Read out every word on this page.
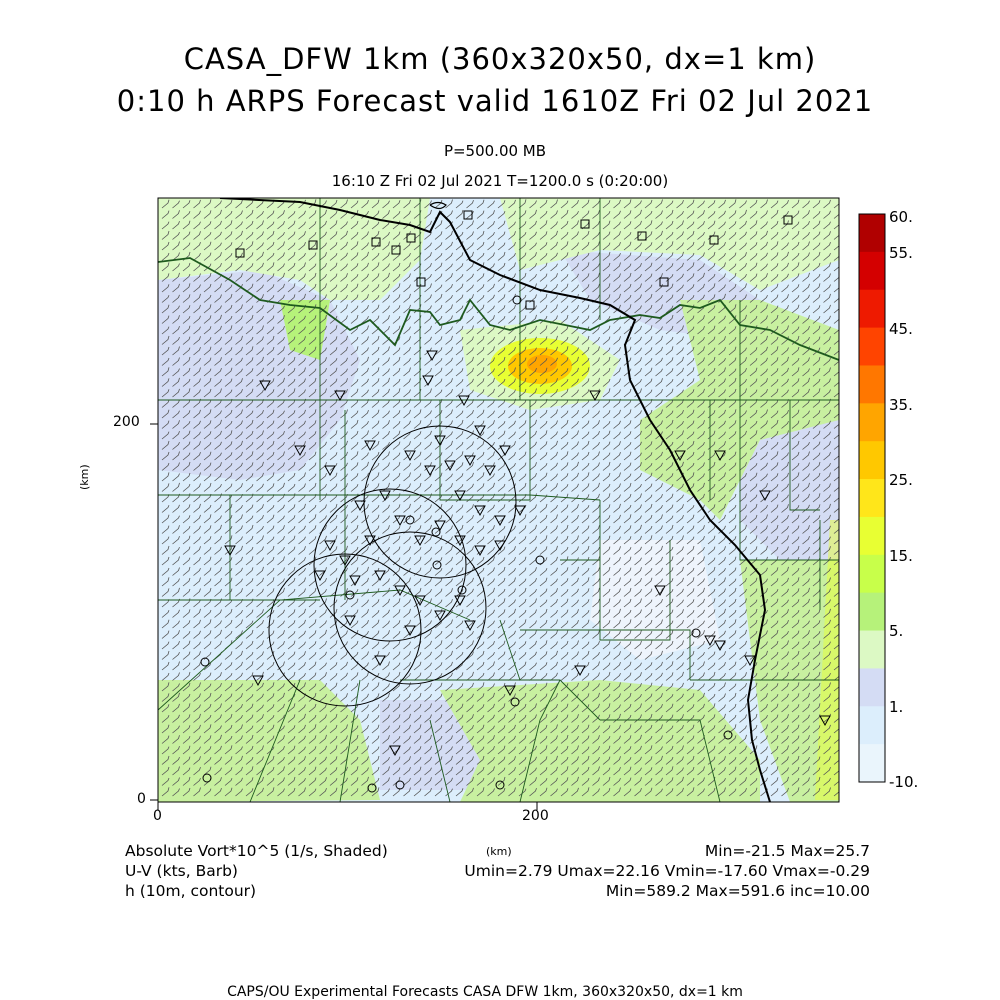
CASA_DFW 1km (360x320x50, dx=1 km)
0:10 h ARPS Forecast valid 1610Z Fri 02 Jul 2021
P=500.00 MB
16:10 Z Fri 02 Jul 2021 T=1200.0 s (0:20:00)
200
0
0	200
(km)
(km)
60.
55.
45.
35.
25.
15.
5.
1.
-10.
Absolute Vort*10^5 (1/s, Shaded)
U-V (kts, Barb)
h (10m, contour)
Min=-21.5 Max=25.7
Umin=2.79 Umax=22.16 Vmin=-17.60 Vmax=-0.29
Min=589.2 Max=591.6 inc=10.00
CAPS/OU Experimental Forecasts CASA DFW 1km, 360x320x50, dx=1 km
